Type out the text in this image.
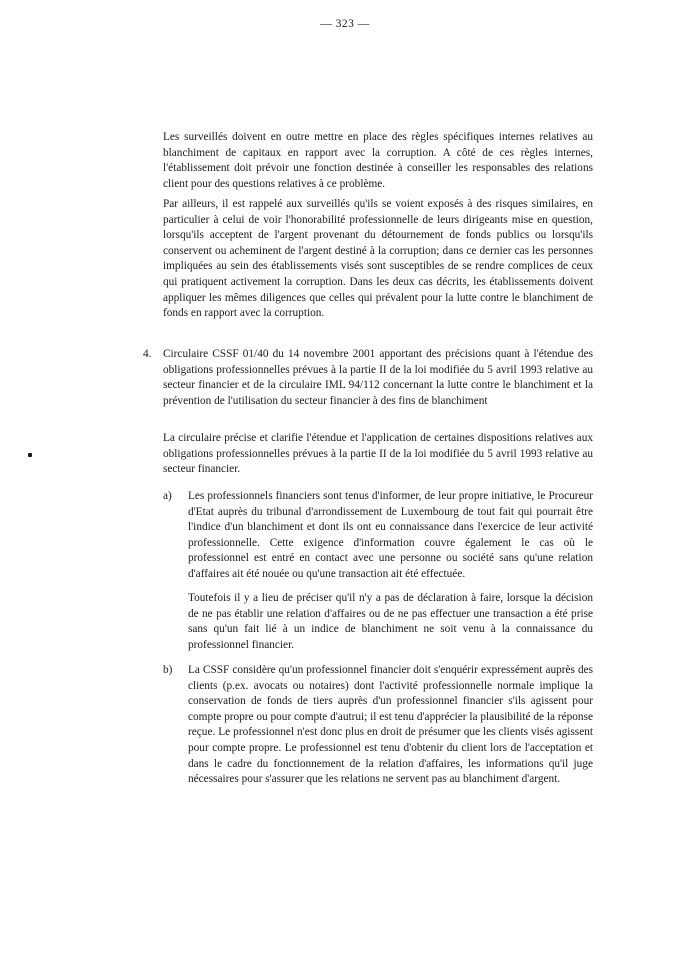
— 323 —

Les surveillés doivent en outre mettre en place des règles spécifiques internes relatives au blanchiment de capitaux en rapport avec la corruption. A côté de ces règles internes, l'établissement doit prévoir une fonction destinée à conseiller les responsables des relations client pour des questions relatives à ce problème.

Par ailleurs, il est rappelé aux surveillés qu'ils se voient exposés à des risques similaires, en particulier à celui de voir l'honorabilité professionnelle de leurs dirigeants mise en question, lorsqu'ils acceptent de l'argent provenant du détournement de fonds publics ou lorsqu'ils conservent ou acheminent de l'argent destiné à la corruption; dans ce dernier cas les personnes impliquées au sein des établissements visés sont susceptibles de se rendre complices de ceux qui pratiquent activement la corruption. Dans les deux cas décrits, les établissements doivent appliquer les mêmes diligences que celles qui prévalent pour la lutte contre le blanchiment de fonds en rapport avec la corruption.

4. Circulaire CSSF 01/40 du 14 novembre 2001 apportant des précisions quant à l'étendue des obligations professionnelles prévues à la partie II de la loi modifiée du 5 avril 1993 relative au secteur financier et de la circulaire IML 94/112 concernant la lutte contre le blanchiment et la prévention de l'utilisation du secteur financier à des fins de blanchiment

La circulaire précise et clarifie l'étendue et l'application de certaines dispositions relatives aux obligations professionnelles prévues à la partie II de la loi modifiée du 5 avril 1993 relative au secteur financier.

a) Les professionnels financiers sont tenus d'informer, de leur propre initiative, le Procureur d'Etat auprès du tribunal d'arrondissement de Luxembourg de tout fait qui pourrait être l'indice d'un blanchiment et dont ils ont eu connaissance dans l'exercice de leur activité professionnelle. Cette exigence d'information couvre également le cas où le professionnel est entré en contact avec une personne ou société sans qu'une relation d'affaires ait été nouée ou qu'une transaction ait été effectuée.

Toutefois il y a lieu de préciser qu'il n'y a pas de déclaration à faire, lorsque la décision de ne pas établir une relation d'affaires ou de ne pas effectuer une transaction a été prise sans qu'un fait lié à un indice de blanchiment ne soit venu à la connaissance du professionnel financier.

b) La CSSF considère qu'un professionnel financier doit s'enquérir expressément auprès des clients (p.ex. avocats ou notaires) dont l'activité professionnelle normale implique la conservation de fonds de tiers auprès d'un professionnel financier s'ils agissent pour compte propre ou pour compte d'autrui; il est tenu d'apprécier la plausibilité de la réponse reçue. Le professionnel n'est donc plus en droit de présumer que les clients visés agissent pour compte propre. Le professionnel est tenu d'obtenir du client lors de l'acceptation et dans le cadre du fonctionnement de la relation d'affaires, les informations qu'il juge nécessaires pour s'assurer que les relations ne servent pas au blanchiment d'argent.
